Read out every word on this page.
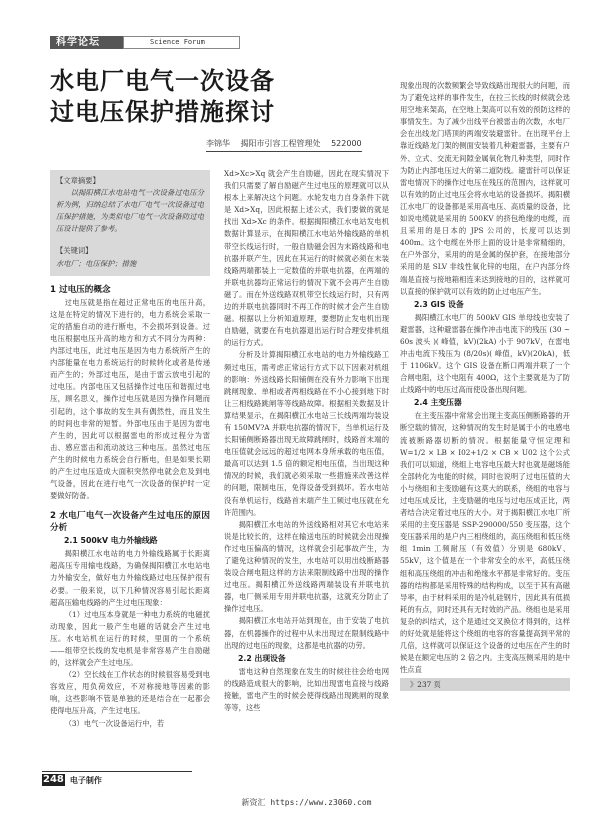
科学论坛	Science Forum
水电厂电气一次设备
过电压保护措施探讨
李锦华 揭阳市引容工程管理处 522000
【文章摘要】

以揭阳横江水电站电气一次设备过电压分析为例，归纳总结了水电厂电气一次设备过电压保护措施，为类似电厂电气一次设备防过电压设计提供了参考。

【关键词】
水电厂；电压保护；措施
1 过电压的概念

过电压就是指在超过正常电压的电压升高，这是在特定的情况下进行的，电力系统会采取一定的措施自动的进行断电，不会损坏到设备。过电压根据电压升高的地方和方式不同分为两种：内部过电压，此过电压是因为电力系统所产生的内部能量在电力系统运行的时候转化或者是传递而产生的；外部过电压，是由于雷云放电引起的过电压。内部电压又包括操作过电压和谐振过电压，顾名思义，操作过电压就是因为操作问题而引起的，这个事故的发生具有偶然性，而且发生的时间也非常的短暂。外部电压由于是因为雷电产生的，因此可以根据雷电的形成过程分为雷击、感应雷击和流动波这三种电压。虽然过电压产生的时候电力系统会自行断电，但是如果长期的产生过电压造成大面积突然停电就会危及到电气设备，因此在进行电气一次设备的保护时一定要做好防备。

2 水电厂电气一次设备产生过电压的原因分析
2.1 500kV 电力外输线路

揭阳横江水电站的电力外输线路属于长距离超高压专用输电线路，为确保揭阳横江水电站电力外输安全，做好电力外输线路过电压保护很有必要。一般来说，以下几种情况容易引起长距离超高压输电线路的产生过电压现象：

（1）过电压本身就是一种电力系统的电磁扰动现象，因此一般产生电磁的话就会产生过电压。水电站机在运行的时候，里面的一个系统——组带空长线的发电机是非常容易产生自励磁的，这样就会产生过电压。

（2）空长线在工作状态的时候很容易受到电容效应，甩负荷效应，不对称接地等因素的影响，这些影响不管是单独的还是结合在一起都会使得电压升高，产生过电压。

（3）电气一次设备运行中，若

Xd>Xc>Xq 就会产生自励磁，因此在现实情况下我们只需要了解自励磁产生过电压的原理就可以从根本上来解决这个问题。水轮发电力自身条件下就是 Xd>Xq，因此根据上述公式，我们要做的就是找出 Xd>Xc 的条件。根据揭阳横江水电站发电机数据计算显示，在揭阳横江水电站外输线路的单机带空长线运行时，一般自励磁会因为末路线路和电抗器并联产生，因此在其运行的时候就必须在末装线路两端都装上一定数值的并联电抗器，在两端的并联电抗器均正常运行的情况下就不会再产生自励磁了。而在外送线路双机带空长线运行时，只有两边的并联电抗器同时不再工作的时候才会产生自励磁。根据以上分析知道原理，要想防止发电机出现自励磁，就要在有电抗器退出运行时合理安排机组的运行方式。

分析及计算揭阳横江水电站的电力外输线路工频过电压，需考虑正常运行方式下以下因素对机组的影响：外送线路长阳铺侧在没有外力影响下出现跳闸现象、单相或者两相线路在不小心接到地下时让三相线路跳闸等等线路故障。根据相关数据及计算结果显示，在揭阳横江水电站三长线两端均装设有 150MV?A 并联电抗器的情况下，当单机运行及长阳铺侧断路器出现无故障跳闸时，线路首末端的电压值就会远远的超过电网本身所承载的电压值，最高可以达到 1.5 倍的额定相电压值，当出现这种情况的时候，我们就必须采取一些措施来改善这样的问题，限制电压，免得设备受到损坏。若水电站没有单机运行，线路首末端产生工频过电压就在允许范围内。

揭阳横江水电站的外送线路相对其它水电站来说是比较长的，这样在输送电压的时候就会出现操作过电压偏高的情况，这样就会引起事故产生，为了避免这种情况的发生，水电站可以用出线断路器装设合闸电阻这样的方法来限制线路中出现的操作过电压。揭阳横江外送线路两端装设有并联电抗器，电厂侧采用专用并联电抗器，这就充分防止了操作过电压。

揭阳横江水电站开站到现在，由于安装了电抗器，在机器操作的过程中从未出现过在限制线路中出现的过电压的现象，这都是电抗器的功劳。

2.2 出现设备

雷电这种自然现象在发生的时候往往会给电网的线路造成很大的影响，比如出现雷电直接与线路接触，雷电产生的时候会使得线路出现跳闸的现象等等，这些

现象出现的次数频繁会导致线路出现很大的问题，而为了避免这样的事件发生，在拉三长线的时候就会选用空地来架高，在空地上架高可以有效的预防这样的事情发生。为了减少出线平台被雷击的次数，水电厂会在出线龙门塔顶的两端安装避雷针。在出现平台上靠近线路龙门架的侧面安装着几种避雷器，主要有户外、立式、交流无间隙金属氧化物几种类型，同时作为防止内部电压过大的第二道防线。避雷针可以保证雷电情况下的操作过电压在残压的范围内，这样就可以有效的防止过电压会将水电站的设备损坏。揭阳横江水电厂的设备都是采用高电压、高质量的设备，比如说电缆就是采用的 500KV 的挤包绝缘的电缆，而且采用的是日本的 JPS 公司的，长度可以达到 400m。这个电缆在外形上面的设计是非常精细的，在户外部分，采用的的是金属的保护套，在接地部分采用的是 SLV 非线性氧化锌的电阻，在户内部分终端是直接与接地箱相连来达到接地的目的，这样就可以直接的保护就可以有效的防止过电压产生。

2.3 GIS 设备

揭阳横江水电厂的 500kV GIS 单母线也安装了避雷器，这种避雷器在操作冲击电流下的残压 (30 ~ 60s 波头 )( 峰值，kV)(2kA) 小于 907kV，在雷电冲击电流下残压为 (8/20s)( 峰值，kV)(20kA)，低于 1106kV。这个 GIS 设备在断口两端并联了一个合闸电阻，这个电阻有 400Ω，这个主要就是为了防止线路中的电压过高而使设备出现问题。

2.4 主变压器

在主变压器中常常会出现主变高压侧断路器的开断空载的情况，这种情况的发生时是属于小的电感电流被断路器切断的情况。根据能量守恒定理和 W=1/2 × LB × I02+1/2 × CB × U02 这个公式我们可以知道，绕组上电容电压最大时也就是磁场能全部转化为电能的时候，同时也说明了过电压值的大小与绕组和主变励磁有这莫大的联系，绕组的电容与过电压成反比，主变励磁的电压与过电压成正比，两者结合决定着过电压的大小。对于揭阳横江水电厂所采用的主变压器是 SSP-290000/550 变压器，这个变压器采用的是户内三相绕组的，高压绕组和低压绕组 1min 工频耐压（有效值）分别是 680kV、55kV，这个值是在一个非常安全的水平，高低压绕组和高压绕组的冲击和绝缘水平都是非常好的。变压器的结构都是采用特殊的结构构成，以至于其有高磁导率，由于材料采用的是冷轧硅钢片，因此具有低损耗的有点，同时还具有无时效的产品。绕组也是采用复杂的纠结式，这个是通过交叉换位才得到的，这样的好处就是能将这个绕组的电容的容量提高到平常的几倍，这样就可以保证这个设备的过电压在产生的时候是在额定电压的 2 倍之内。主变高压侧采用的是中性点直

》237 页
248 电子制作
新资汇 https://www.z3060.com
